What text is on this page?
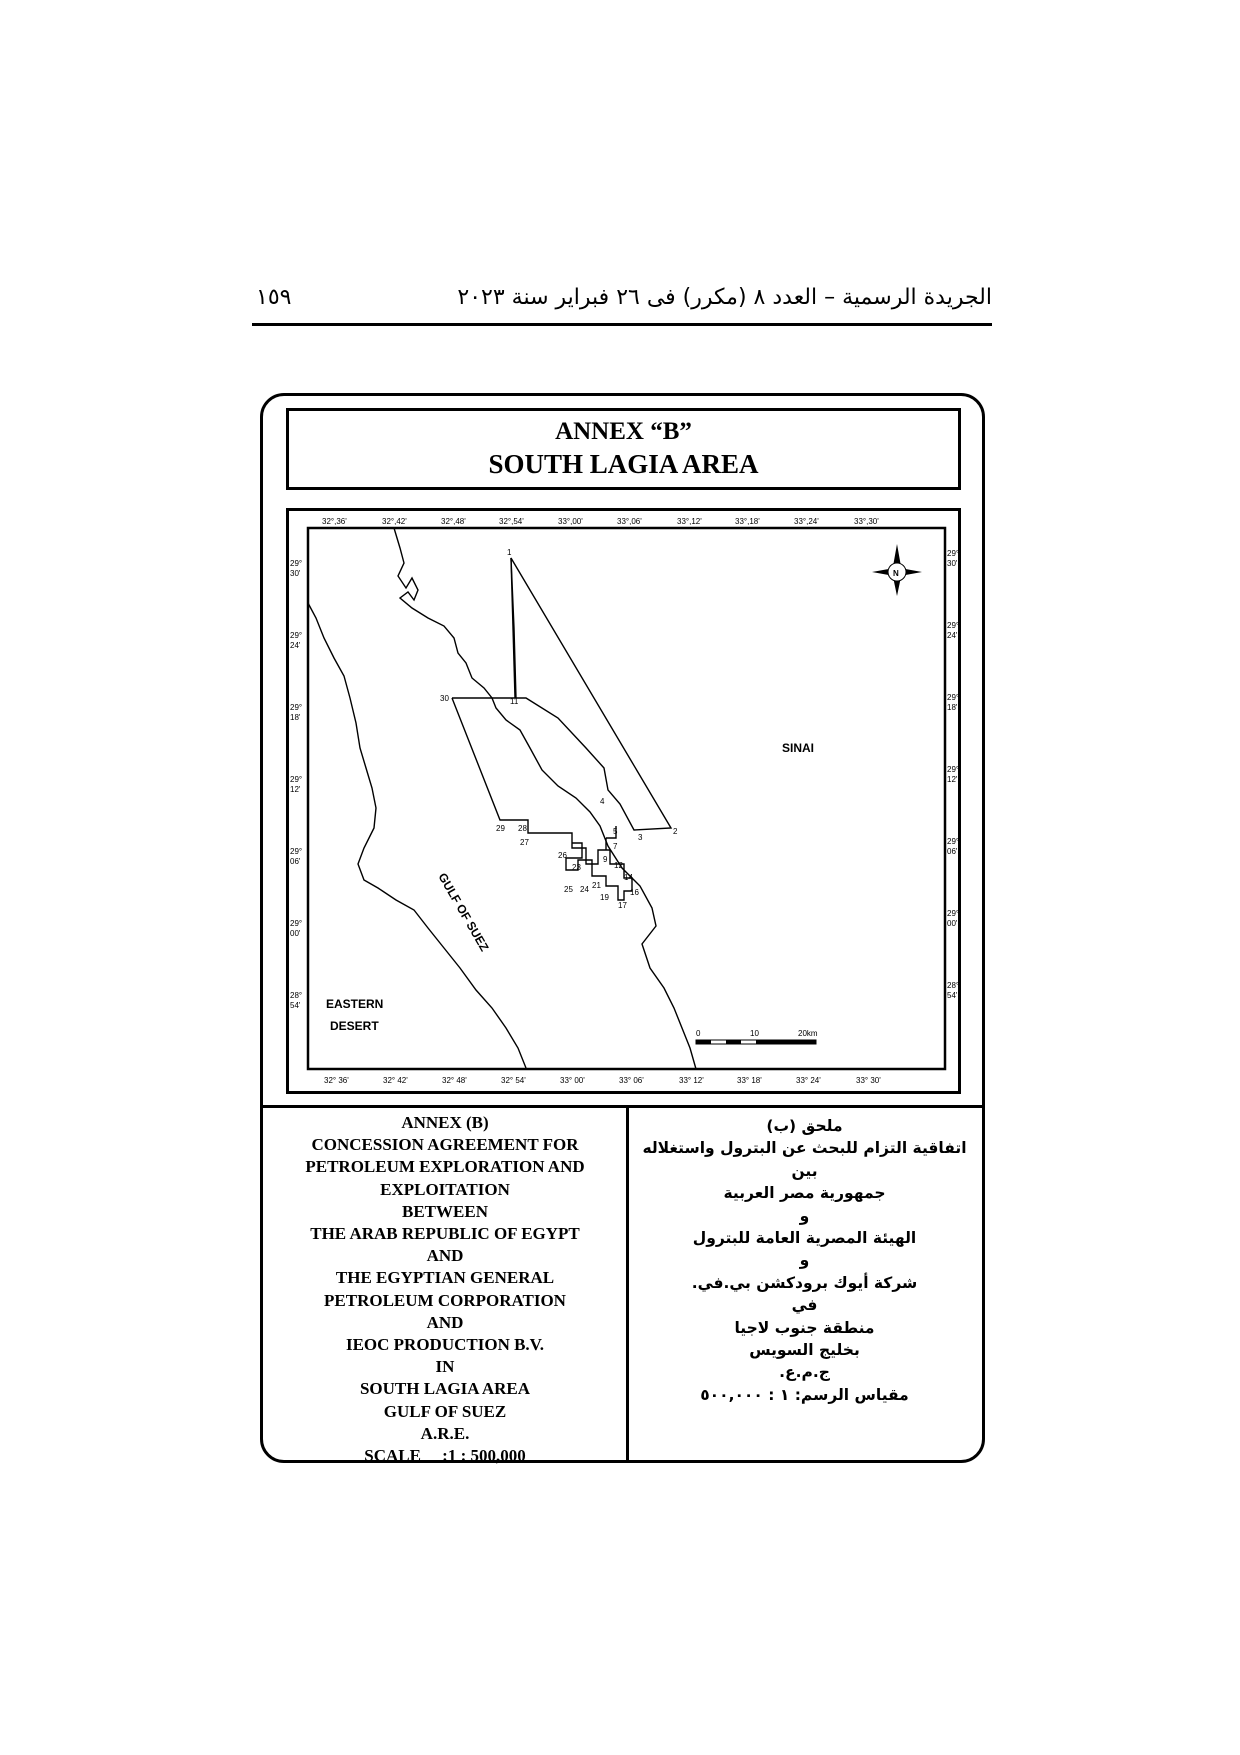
١٥٩	الجريدة الرسمية – العدد ٨ (مكرر) فى ٢٦ فبراير سنة ٢٠٢٣
ANNEX “B”
SOUTH LAGIA AREA
32°,36'	32°,42'	32°,48'	32°,54'	33°,00'	33°,06'	33°,12'	33°,18'	33°,24'	33°,30'
32° 36'	32° 42'	32° 48'	32° 54'	33° 00'	33° 06'	33° 12'	33° 18'	33° 24'	33° 30'
29°
30'
29°
24'
29°
18'
29°
12'
29°
06'
29°
00'
28°
54'
29°
30'
29°
24'
29°
18'
29°
12'
29°
06'
29°
00'
28°
54'
1
2
3
4
5
7
9
11
12
14
16
17
19
21
23
24
25
26
27
28
29
30
SINAI
GULF OF SUEZ
EASTERN
DESERT
N
0	10	20km
ANNEX (B)
CONCESSION AGREEMENT FOR
PETROLEUM EXPLORATION AND
EXPLOITATION
BETWEEN
THE ARAB REPUBLIC OF EGYPT
AND
THE EGYPTIAN GENERAL
PETROLEUM CORPORATION
AND
IEOC PRODUCTION B.V.
IN
SOUTH LAGIA AREA
GULF OF SUEZ
A.R.E.
SCALE     :1 : 500,000
ملحق (ب)
اتفاقية التزام للبحث عن البترول واستغلاله
بين
جمهورية مصر العربية
و
الهيئة المصرية العامة للبترول
و
شركة أيوك برودكشن بي.في.
في
منطقة جنوب لاجيا
بخليج السويس
ج.م.ع.
مقياس الرسم: ١ : ٥٠٠,٠٠٠
